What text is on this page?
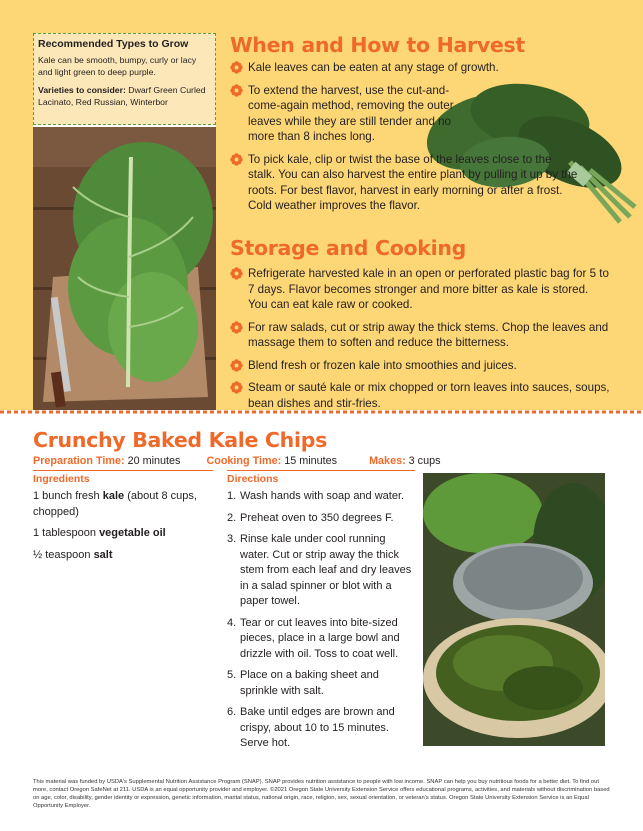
Recommended Types to Grow

Kale can be smooth, bumpy, curly or lacy and light green to deep purple.

Varieties to consider: Dwarf Green Curled Lacinato, Red Russian, Winterbor

When and How to Harvest
Kale leaves can be eaten at any stage of growth.
To extend the harvest, use the cut-and-come-again method, removing the outer leaves while they are still tender and no more than 8 inches long.
To pick kale, clip or twist the base of the leaves close to the stalk. You can also harvest the entire plant by pulling it up by the roots. For best flavor, harvest in early morning or after a frost. Cold weather improves the flavor.
Storage and Cooking
Refrigerate harvested kale in an open or perforated plastic bag for 5 to 7 days. Flavor becomes stronger and more bitter as kale is stored. You can eat kale raw or cooked.
For raw salads, cut or strip away the thick stems. Chop the leaves and massage them to soften and reduce the bitterness.
Blend fresh or frozen kale into smoothies and juices.
Steam or sauté kale or mix chopped or torn leaves into sauces, soups, bean dishes and stir-fries.
Crunchy Baked Kale Chips
Preparation Time: 20 minutes Cooking Time: 15 minutes	Makes: 3 cups
Ingredients	Directions
1 bunch fresh kale (about 8 cups, chopped)
1 tablespoon vegetable oil
½ teaspoon salt
1. Wash hands with soap and water.
2. Preheat oven to 350 degrees F.
3. Rinse kale under cool running water. Cut or strip away the thick stem from each leaf and dry leaves in a salad spinner or blot with a paper towel.
4. Tear or cut leaves into bite-sized pieces, place in a large bowl and drizzle with oil. Toss to coat well.
5. Place on a baking sheet and sprinkle with salt.
6. Bake until edges are brown and crispy, about 10 to 15 minutes. Serve hot.

This material was funded by USDA's Supplemental Nutrition Assistance Program (SNAP). SNAP provides nutrition assistance to people with low income. SNAP can help you buy nutritious foods for a better diet. To find out more, contact Oregon SafeNet at 211. USDA is an equal opportunity provider and employer. ©2021 Oregon State University Extension Service offers educational programs, activities, and materials without discrimination based on age, color, disability, gender identity or expression, genetic information, marital status, national origin, race, religion, sex, sexual orientation, or veteran's status. Oregon State University Extension Service is an Equal Opportunity Employer.
